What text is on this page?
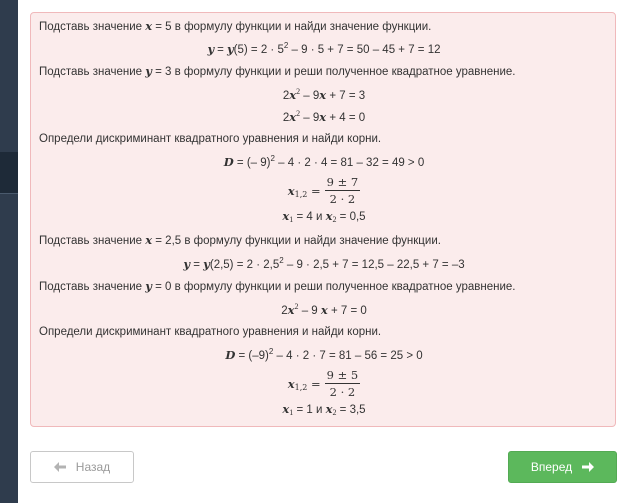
Подставь значение x = 5 в формулу функции и найди значение функции.
$y = y(5) = 2 \cdot 5^2 - 9 \cdot 5 + 7 = 50 - 45 + 7 = 12$
Подставь значение y = 3 в формулу функции и реши полученное квадратное уравнение.
$2x^2 - 9x + 7 = 3$
$2x^2 - 9x + 4 = 0$
Определи дискриминант квадратного уравнения и найди корни.
D = (– 9)$^2$ – 4 · 2 · 4 = 81 – 32 = 49 > 0
$x_{1,2} = \frac{9 \pm 7}{2 \cdot 2}$
$x_1 = 4$ и $x_2 = 0,5$
Подставь значение x = 2,5 в формулу функции и найди значение функции.
$y = y(2,5) = 2 \cdot 2,5^2 - 9 \cdot 2,5 + 7 = 12,5 - 22,5 + 7 = -3$
Подставь значение y = 0 в формулу функции и реши полученное квадратное уравнение.
$2x^2 - 9$ x + 7 = 0
Определи дискриминант квадратного уравнения и найди корни.
$D = (-9)^2 - 4 \cdot 2 \cdot 7 = 81 - 56 = 25 > 0$
$x_{1,2} = \frac{9 \pm 5}{2 \cdot 2}$
$x_1 = 1$ и $x_2 = 3,5$
Назад	Вперед
